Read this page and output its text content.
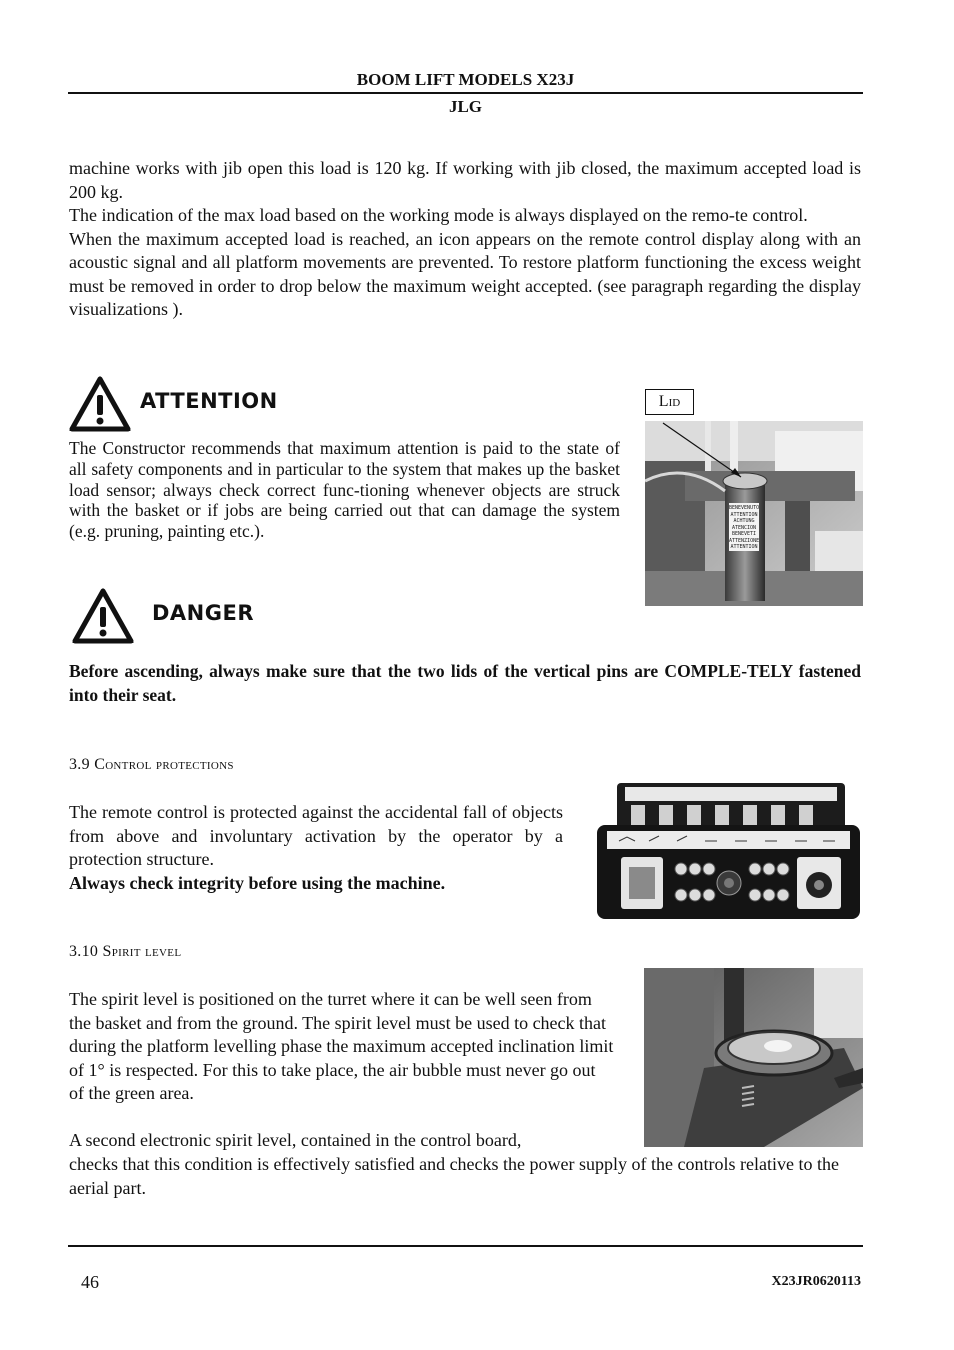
BOOM LIFT MODELS X23J
JLG

machine works with jib open this load is 120 kg. If working with jib closed, the maximum accepted load is 200 kg.

The indication of the max load based on the working mode is always displayed on the remo-te control.

When the maximum accepted load is reached, an icon appears on the remote control display along with an acoustic signal and all platform movements are prevented. To restore platform functioning the excess weight must be removed in order to drop below the maximum weight accepted. (see paragraph regarding the display visualizations ).

ATTENTION
The Constructor recommends that maximum attention is paid to the state of all safety components and in particular to the system that makes up the basket load sensor; always check correct func-tioning whenever objects are struck with the basket or if jobs are being carried out that can damage the system (e.g. pruning, painting etc.).
Lid
BENEVENUTO
ATTENTION
ACHTUNG
ATENCION
BENEVETI
ATTENZIONE
ATTENTION
DANGER
Before ascending, always make sure that the two lids of the vertical pins are COMPLE-TELY fastened into their seat.
3.9 Control protections

The remote control is protected against the accidental fall of objects from above and involuntary activation by the operator by a protection structure.

Always check integrity before using the machine.

3.10 Spirit level
The spirit level is positioned on the turret where it can be well seen from the basket and from the ground. The spirit level must be used to check that during the platform levelling phase the maximum accepted inclination limit of 1° is respected. For this to take place, the air bubble must never go out of the green area.
A second electronic spirit level, contained in the control board,
checks that this condition is effectively satisfied and checks the power supply of the controls relative to the aerial part.
46	X23JR0620113
